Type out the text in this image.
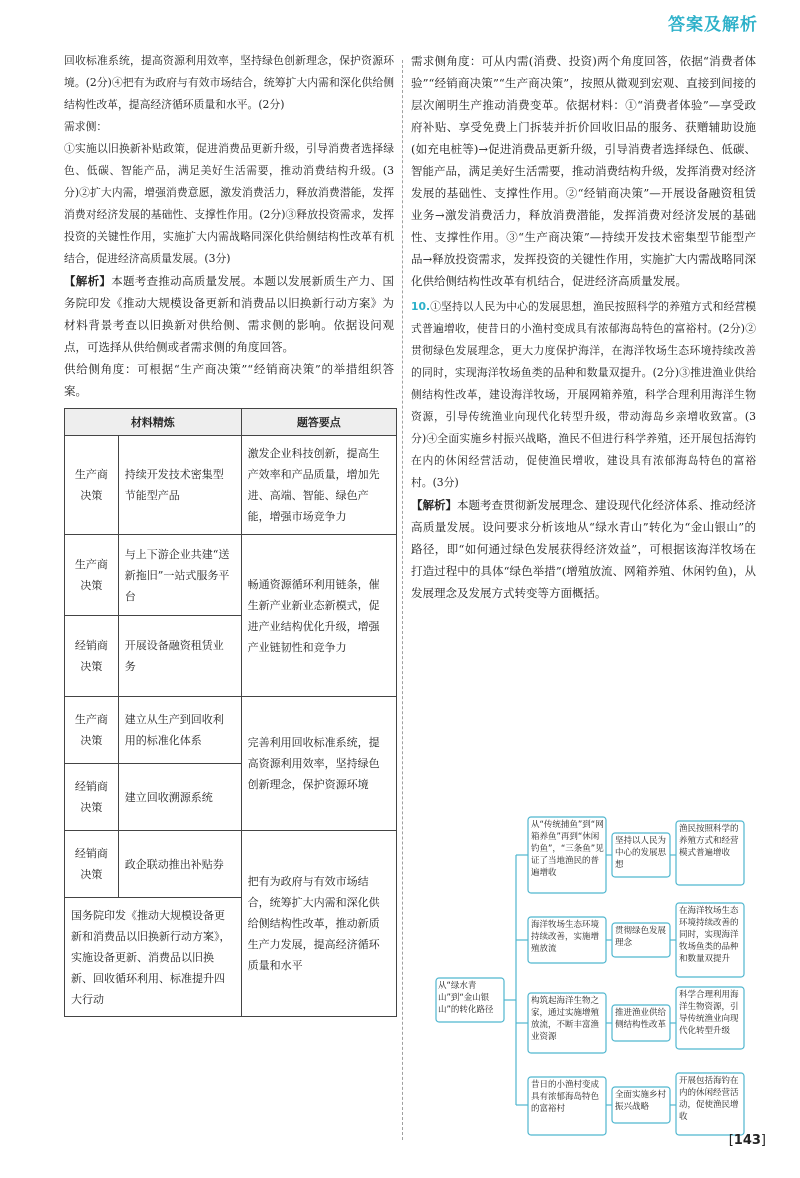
答案及解析

回收标准系统，提高资源利用效率，坚持绿色创新理念，保护资源环境。(2分)④把有为政府与有效市场结合，统筹扩大内需和深化供给侧结构性改革，提高经济循环质量和水平。(2分)

需求侧：

①实施以旧换新补贴政策，促进消费品更新升级，引导消费者选择绿色、低碳、智能产品，满足美好生活需要，推动消费结构升级。(3分)②扩大内需，增强消费意愿，激发消费活力，释放消费潜能，发挥消费对经济发展的基础性、支撑性作用。(2分)③释放投资需求，发挥投资的关键性作用，实施扩大内需战略同深化供给侧结构性改革有机结合，促进经济高质量发展。(3分)

【解析】本题考查推动高质量发展。本题以发展新质生产力、国务院印发《推动大规模设备更新和消费品以旧换新行动方案》为材料背景考查以旧换新对供给侧、需求侧的影响。依据设问观点，可选择从供给侧或者需求侧的角度回答。

供给侧角度：可根据“生产商决策”“经销商决策”的举措组织答案。

材料精炼		题答要点
生产商决策	持续开发技术密集型节能型产品	激发企业科技创新，提高生产效率和产品质量，增加先进、高端、智能、绿色产能，增强市场竞争力
生产商决策	与上下游企业共建“送新拖旧”一站式服务平台	畅通资源循环利用链条，催生新产业新业态新模式，促进产业结构优化升级，增强产业链韧性和竞争力
经销商决策	开展设备融资租赁业务	
生产商决策	建立从生产到回收利用的标准化体系	完善利用回收标准系统，提高资源利用效率，坚持绿色创新理念，保护资源环境
经销商决策	建立回收溯源系统	
经销商决策	政企联动推出补贴券	把有为政府与有效市场结合，统筹扩大内需和深化供给侧结构性改革，推动新质生产力发展，提高经济循环质量和水平
国务院印发《推动大规模设备更新和消费品以旧换新行动方案》，实施设备更新、消费品以旧换新、回收循环利用、标准提升四大行动		

需求侧角度：可从内需(消费、投资)两个角度回答，依据“消费者体验”“经销商决策”“生产商决策”，按照从微观到宏观、直接到间接的层次阐明生产推动消费变革。依据材料：①“消费者体验”—享受政府补贴、享受免费上门拆装并折价回收旧品的服务、获赠辅助设施(如充电桩等)→促进消费品更新升级，引导消费者选择绿色、低碳、智能产品，满足美好生活需要，推动消费结构升级，发挥消费对经济发展的基础性、支撑性作用。②“经销商决策”—开展设备融资租赁业务→激发消费活力，释放消费潜能，发挥消费对经济发展的基础性、支撑性作用。③“生产商决策”—持续开发技术密集型节能型产品→释放投资需求，发挥投资的关键性作用，实施扩大内需战略同深化供给侧结构性改革有机结合，促进经济高质量发展。

10.①坚持以人民为中心的发展思想，渔民按照科学的养殖方式和经营模式普遍增收，使昔日的小渔村变成具有浓郁海岛特色的富裕村。(2分)②贯彻绿色发展理念，更大力度保护海洋，在海洋牧场生态环境持续改善的同时，实现海洋牧场鱼类的品种和数量双提升。(2分)③推进渔业供给侧结构性改革，建设海洋牧场，开展网箱养殖，科学合理利用海洋生物资源，引导传统渔业向现代化转型升级，带动海岛乡亲增收致富。(3分)④全面实施乡村振兴战略，渔民不但进行科学养殖，还开展包括海钓在内的休闲经营活动，促使渔民增收，建设具有浓郁海岛特色的富裕村。(3分)

【解析】本题考查贯彻新发展理念、建设现代化经济体系、推动经济高质量发展。设问要求分析该地从“绿水青山”转化为“金山银山”的路径，即“如何通过绿色发展获得经济效益”，可根据该海洋牧场在打造过程中的具体“绿色举措”(增殖放流、网箱养殖、休闲钓鱼)，从发展理念及发展方式转变等方面概括。

从“绿水青山”到“金山银山”的转化路径
从“传统捕鱼”到“网箱养鱼”再到“休闲钓鱼”，“三条鱼”见证了当地渔民的普遍增收
坚持以人民为中心的发展思想
渔民按照科学的养殖方式和经营模式普遍增收
海洋牧场生态环境持续改善，实施增殖放流
贯彻绿色发展理念
在海洋牧场生态环境持续改善的同时，实现海洋牧场鱼类的品种和数量双提升
构筑起海洋生物之家，通过实施增殖放流，不断丰富渔业资源
推进渔业供给侧结构性改革
科学合理利用海洋生物资源，引导传统渔业向现代化转型升级
昔日的小渔村变成具有浓郁海岛特色的富裕村
全面实施乡村振兴战略
开展包括海钓在内的休闲经营活动，促使渔民增收
[143]
